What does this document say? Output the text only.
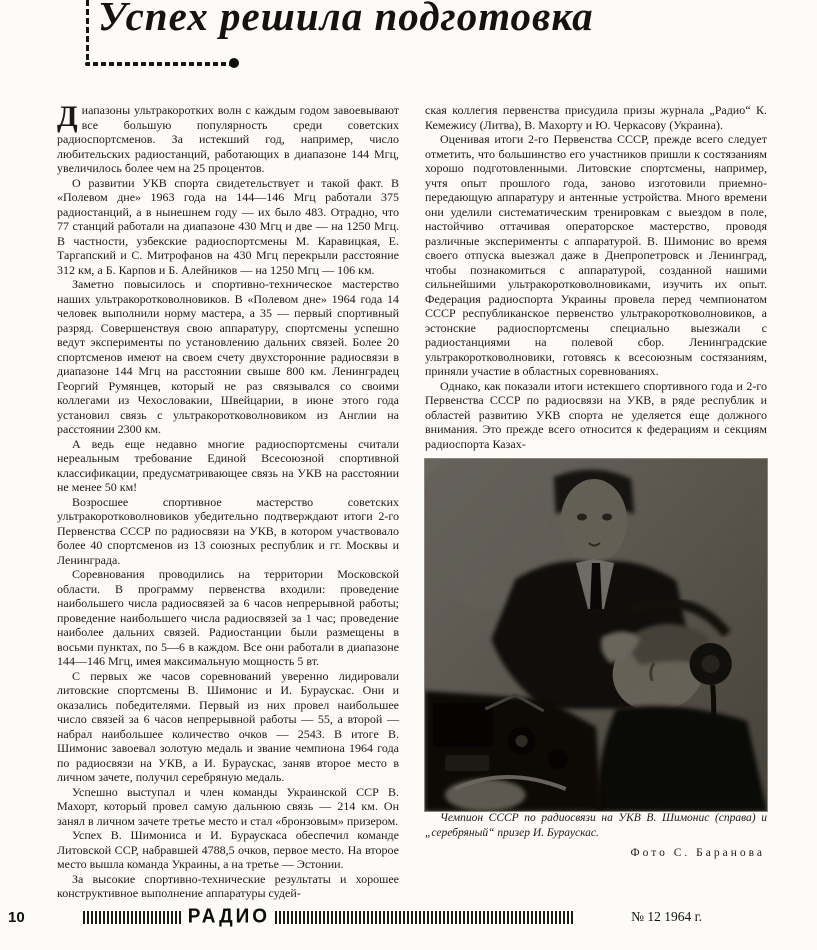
Успех решила подготовка

Диапазоны ультракоротких волн с каждым годом завоевывают все большую популярность среди советских радиоспортсменов. За истекший год, например, число любительских радиостанций, работающих в диапазоне 144 Мгц, увеличилось более чем на 25 процентов.

О развитии УКВ спорта свидетельствует и такой факт. В «Полевом дне» 1963 года на 144—146 Мгц работали 375 радиостанций, а в нынешнем году — их было 483. Отрадно, что 77 станций работали на диапазоне 430 Мгц и две — на 1250 Мгц. В частности, узбекские радиоспортсмены М. Каравицкая, Е. Таргапский и С. Митрофанов на 430 Мгц перекрыли расстояние 312 км, а Б. Карпов и Б. Алейников — на 1250 Мгц — 106 км.

Заметно повысилось и спортивно-техническое мастерство наших ультракоротковолновиков. В «Полевом дне» 1964 года 14 человек выполнили норму мастера, а 35 — первый спортивный разряд. Совершенствуя свою аппаратуру, спортсмены успешно ведут эксперименты по установлению дальних связей. Более 20 спортсменов имеют на своем счету двухсторонние радиосвязи в диапазоне 144 Мгц на расстоянии свыше 800 км. Ленинградец Георгий Румянцев, который не раз связывался со своими коллегами из Чехословакии, Швейцарии, в июне этого года установил связь с ультракоротковолновиком из Англии на расстоянии 2300 км.

А ведь еще недавно многие радиоспортсмены считали нереальным требование Единой Всесоюзной спортивной классификации, предусматривающее связь на УКВ на расстоянии не менее 50 км!

Возросшее спортивное мастерство советских ультракоротковолновиков убедительно подтверждают итоги 2-го Первенства СССР по радиосвязи на УКВ, в котором участвовало более 40 спортсменов из 13 союзных республик и гг. Москвы и Ленинграда.

Соревнования проводились на территории Московской области. В программу первенства входили: проведение наибольшего числа радиосвязей за 6 часов непрерывной работы; проведение наибольшего числа радиосвязей за 1 час; проведение наиболее дальних связей. Радиостанции были размещены в восьми пунктах, по 5—6 в каждом. Все они работали в диапазоне 144—146 Мгц, имея максимальную мощность 5 вт.

С первых же часов соревнований уверенно лидировали литовские спортсмены В. Шимонис и И. Бураускас. Они и оказались победителями. Первый из них провел наибольшее число связей за 6 часов непрерывной работы — 55, а второй — набрал наибольшее количество очков — 2543. В итоге В. Шимонис завоевал золотую медаль и звание чемпиона 1964 года по радиосвязи на УКВ, а И. Бураускас, заняв второе место в личном зачете, получил серебряную медаль.

Успешно выступал и член команды Украинской ССР В. Махорт, который провел самую дальнюю связь — 214 км. Он занял в личном зачете третье место и стал «бронзовым» призером.

Успех В. Шимониса и И. Бураускаса обеспечил команде Литовской ССР, набравшей 4788,5 очков, первое место. На второе место вышла команда Украины, а на третье — Эстонии.

За высокие спортивно-технические результаты и хорошее конструктивное выполнение аппаратуры судей-

ская коллегия первенства присудила призы журнала „Радио“ К. Кемежису (Литва), В. Махорту и Ю. Черкасову (Украина).

Оценивая итоги 2-го Первенства СССР, прежде всего следует отметить, что большинство его участников пришли к состязаниям хорошо подготовленными. Литовские спортсмены, например, учтя опыт прошлого года, заново изготовили приемно-передающую аппаратуру и антенные устройства. Много времени они уделили систематическим тренировкам с выездом в поле, настойчиво оттачивая операторское мастерство, проводя различные эксперименты с аппаратурой. В. Шимонис во время своего отпуска выезжал даже в Днепропетровск и Ленинград, чтобы познакомиться с аппаратурой, созданной нашими сильнейшими ультракоротковолновиками, изучить их опыт. Федерация радиоспорта Украины провела перед чемпионатом СССР республиканское первенство ультракоротковолновиков, а эстонские радиоспортсмены специально выезжали с радиостанциями на полевой сбор. Ленинградские ультракоротковолновики, готовясь к всесоюзным состязаниям, приняли участие в областных соревнованиях.

Однако, как показали итоги истекшего спортивного года и 2-го Первенства СССР по радиосвязи на УКВ, в ряде республик и областей развитию УКВ спорта не уделяется еще должного внимания. Это прежде всего относится к федерациям и секциям радиоспорта Казах-

Чемпион СССР по радиосвязи на УКВ В. Шимонис (справа) и „серебряный“ призер И. Бураускас.

Фото С. Баранова
10	РАДИО	№ 12 1964 г.
